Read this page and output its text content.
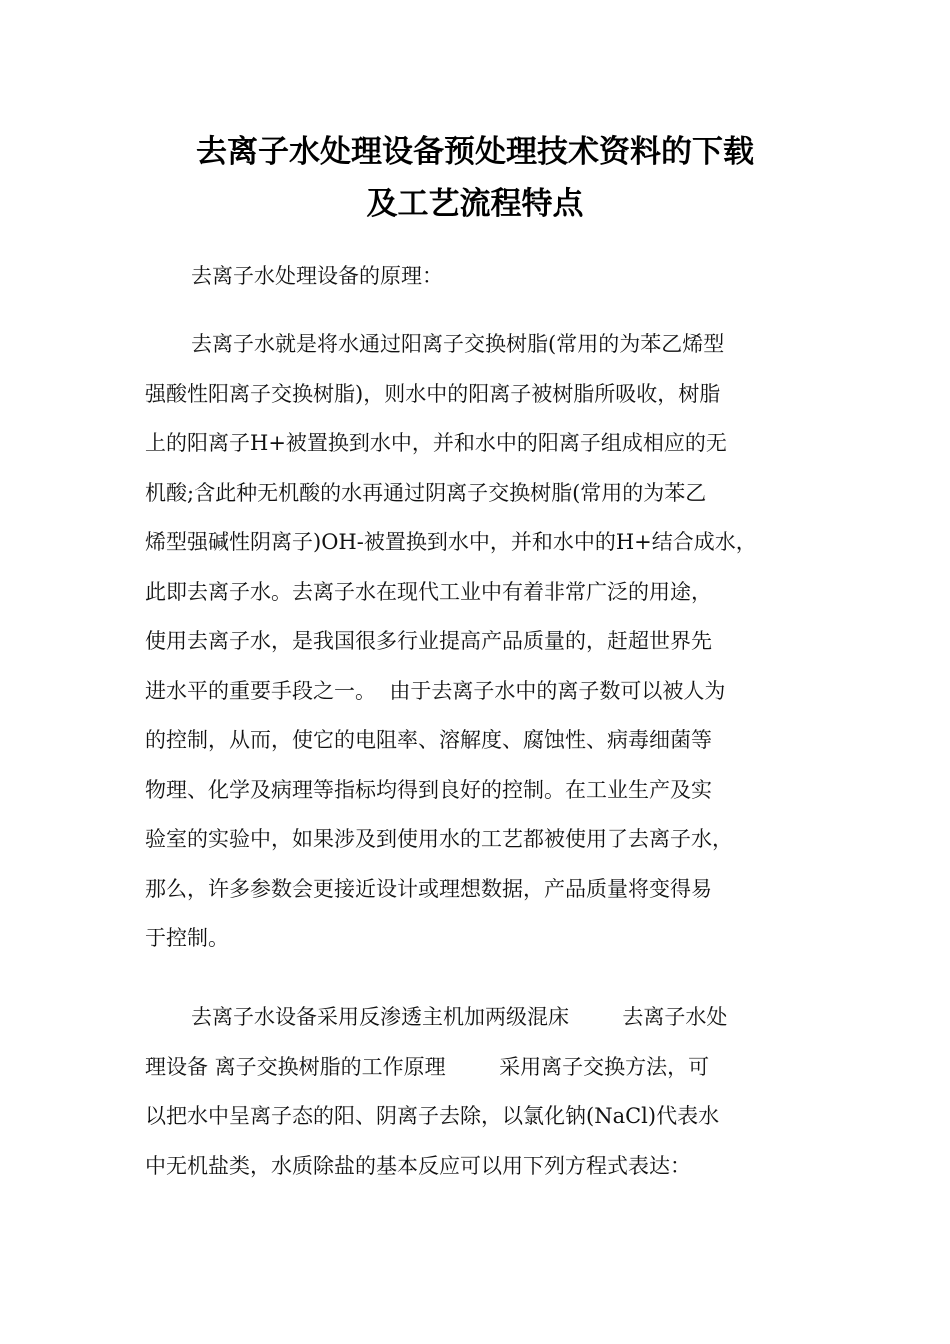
去离子水处理设备预处理技术资料的下载
及工艺流程特点

去离子水处理设备的原理：

去离子水就是将水通过阳离子交换树脂(常用的为苯乙烯型
强酸性阳离子交换树脂)，则水中的阳离子被树脂所吸收，树脂
上的阳离子H+被置换到水中，并和水中的阳离子组成相应的无
机酸;含此种无机酸的水再通过阴离子交换树脂(常用的为苯乙
烯型强碱性阴离子)OH-被置换到水中，并和水中的H+结合成水，
此即去离子水。去离子水在现代工业中有着非常广泛的用途，
使用去离子水，是我国很多行业提高产品质量的，赶超世界先
进水平的重要手段之一。  由于去离子水中的离子数可以被人为
的控制，从而，使它的电阻率、溶解度、腐蚀性、病毒细菌等
物理、化学及病理等指标均得到良好的控制。在工业生产及实
验室的实验中，如果涉及到使用水的工艺都被使用了去离子水，
那么，许多参数会更接近设计或理想数据，产品质量将变得易
于控制。

去离子水设备采用反渗透主机加两级混床        去离子水处
理设备 离子交换树脂的工作原理        采用离子交换方法，可
以把水中呈离子态的阳、阴离子去除，以氯化钠(NaCl)代表水
中无机盐类，水质除盐的基本反应可以用下列方程式表达：
